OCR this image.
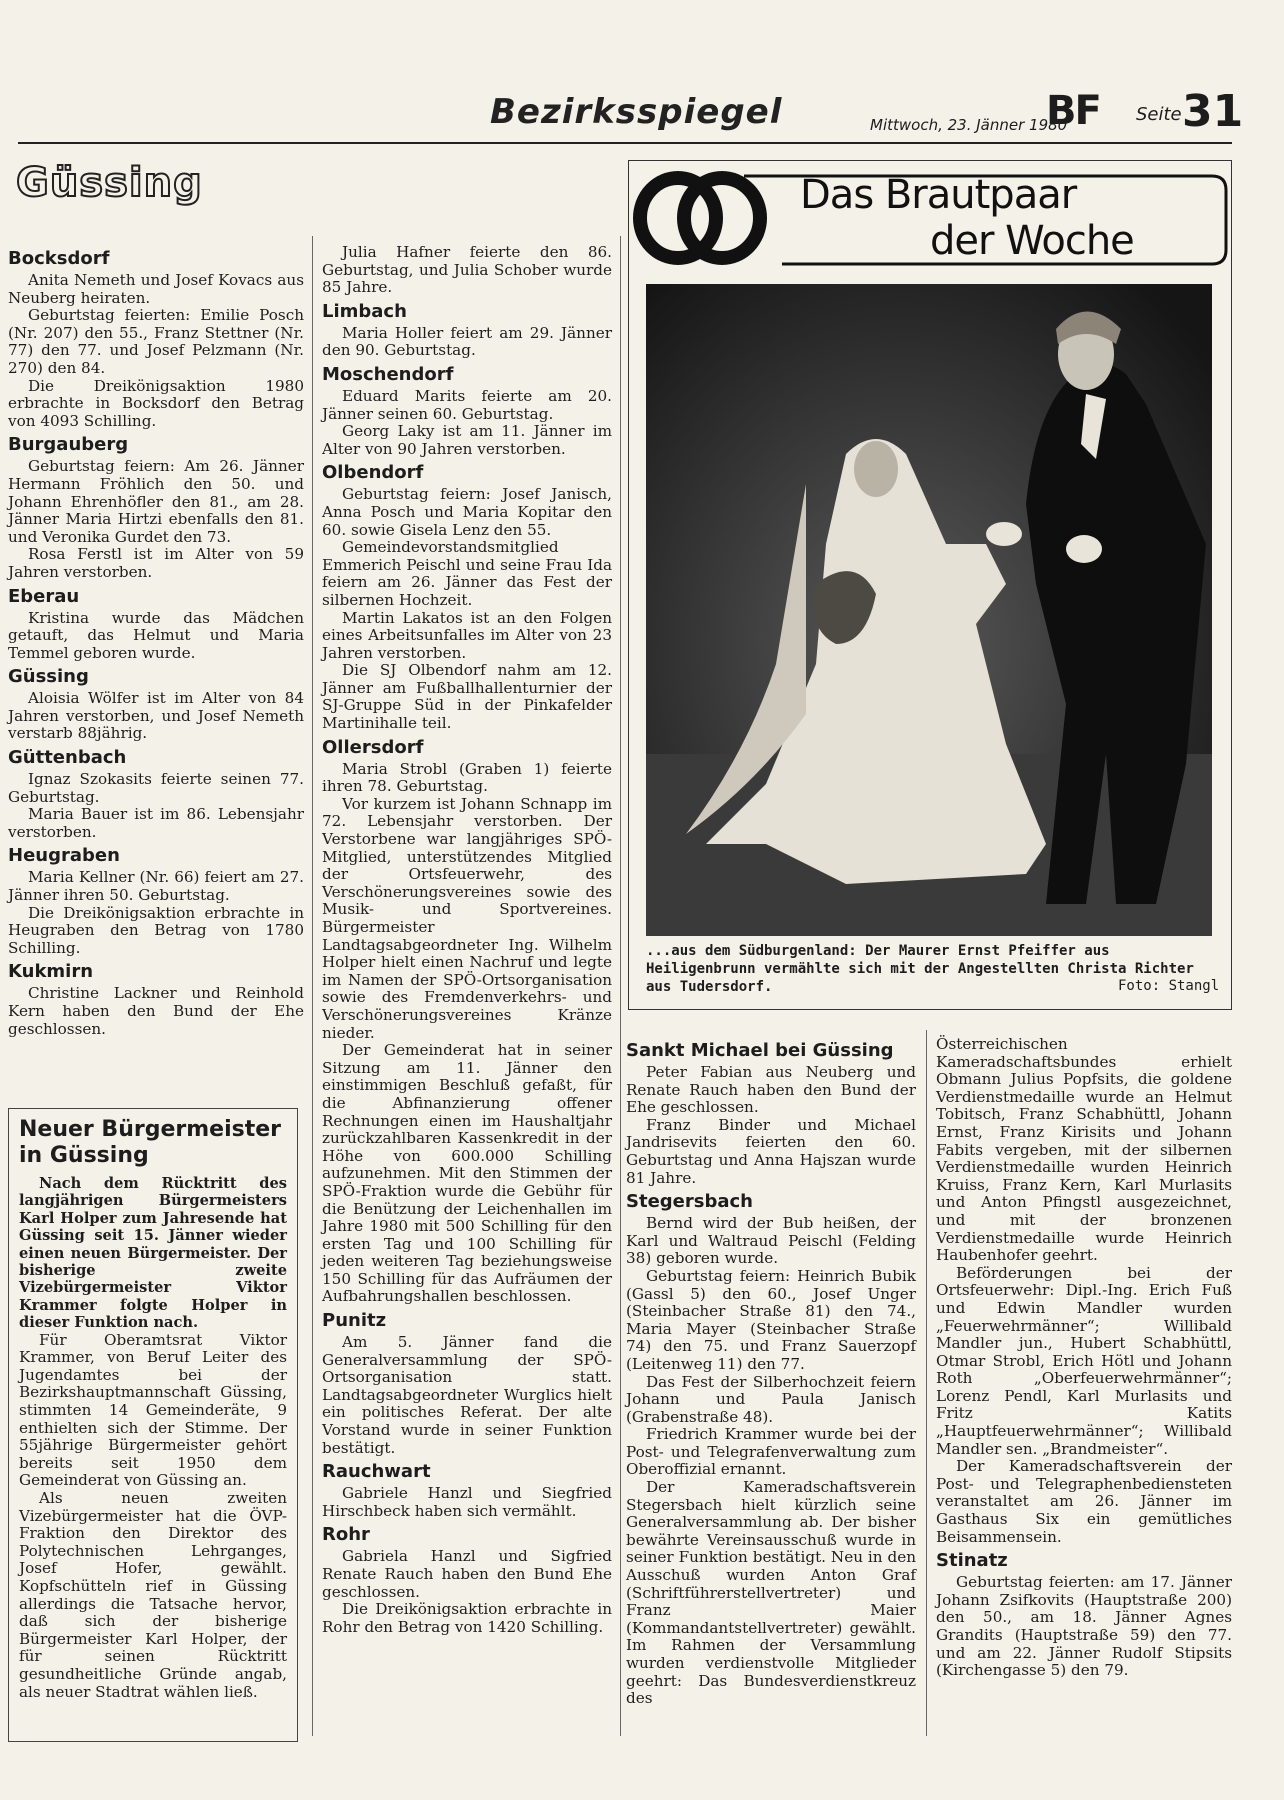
Bezirksspiegel	Mittwoch, 23. Jänner 1980
BF Seite 31
Güssing
Bocksdorf

Anita Nemeth und Josef Kovacs aus Neuberg heiraten.

Geburtstag feierten: Emilie Posch (Nr. 207) den 55., Franz Stettner (Nr. 77) den 77. und Josef Pelzmann (Nr. 270) den 84.

Die Dreikönigsaktion 1980 erbrachte in Bocksdorf den Betrag von 4093 Schilling.

Burgauberg

Geburtstag feiern: Am 26. Jänner Hermann Fröhlich den 50. und Johann Ehrenhöfler den 81., am 28. Jänner Maria Hirtzi ebenfalls den 81. und Veronika Gurdet den 73.

Rosa Ferstl ist im Alter von 59 Jahren verstorben.

Eberau

Kristina wurde das Mädchen getauft, das Helmut und Maria Temmel geboren wurde.

Güssing

Aloisia Wölfer ist im Alter von 84 Jahren verstorben, und Josef Nemeth verstarb 88jährig.

Güttenbach

Ignaz Szokasits feierte seinen 77. Geburtstag.

Maria Bauer ist im 86. Lebensjahr verstorben.

Heugraben

Maria Kellner (Nr. 66) feiert am 27. Jänner ihren 50. Geburtstag.

Die Dreikönigsaktion erbrachte in Heugraben den Betrag von 1780 Schilling.

Kukmirn

Christine Lackner und Reinhold Kern haben den Bund der Ehe geschlossen.

Neuer Bürgermeister in Güssing

Nach dem Rücktritt des langjährigen Bürgermeisters Karl Holper zum Jahresende hat Güssing seit 15. Jänner wieder einen neuen Bürgermeister. Der bisherige zweite Vizebürgermeister Viktor Krammer folgte Holper in dieser Funktion nach.

Für Oberamtsrat Viktor Krammer, von Beruf Leiter des Jugendamtes bei der Bezirkshauptmannschaft Güssing, stimmten 14 Gemeinderäte, 9 enthielten sich der Stimme. Der 55jährige Bürgermeister gehört bereits seit 1950 dem Gemeinderat von Güssing an.

Als neuen zweiten Vizebürgermeister hat die ÖVP-Fraktion den Direktor des Polytechnischen Lehrganges, Josef Hofer, gewählt. Kopfschütteln rief in Güssing allerdings die Tatsache hervor, daß sich der bisherige Bürgermeister Karl Holper, der für seinen Rücktritt gesundheitliche Gründe angab, als neuer Stadtrat wählen ließ.

Julia Hafner feierte den 86. Geburtstag, und Julia Schober wurde 85 Jahre.

Limbach

Maria Holler feiert am 29. Jänner den 90. Geburtstag.

Moschendorf

Eduard Marits feierte am 20. Jänner seinen 60. Geburtstag.

Georg Laky ist am 11. Jänner im Alter von 90 Jahren verstorben.

Olbendorf

Geburtstag feiern: Josef Janisch, Anna Posch und Maria Kopitar den 60. sowie Gisela Lenz den 55.

Gemeindevorstandsmitglied Emmerich Peischl und seine Frau Ida feiern am 26. Jänner das Fest der silbernen Hochzeit.

Martin Lakatos ist an den Folgen eines Arbeitsunfalles im Alter von 23 Jahren verstorben.

Die SJ Olbendorf nahm am 12. Jänner am Fußballhallenturnier der SJ-Gruppe Süd in der Pinkafelder Martinihalle teil.

Ollersdorf

Maria Strobl (Graben 1) feierte ihren 78. Geburtstag.

Vor kurzem ist Johann Schnapp im 72. Lebensjahr verstorben. Der Verstorbene war langjähriges SPÖ-Mitglied, unterstützendes Mitglied der Ortsfeuerwehr, des Verschönerungsvereines sowie des Musik- und Sportvereines. Bürgermeister Landtagsabgeordneter Ing. Wilhelm Holper hielt einen Nachruf und legte im Namen der SPÖ-Ortsorganisation sowie des Fremdenverkehrs- und Verschönerungsvereines Kränze nieder.

Der Gemeinderat hat in seiner Sitzung am 11. Jänner den einstimmigen Beschluß gefaßt, für die Abfinanzierung offener Rechnungen einen im Haushaltjahr zurückzahlbaren Kassenkredit in der Höhe von 600.000 Schilling aufzunehmen. Mit den Stimmen der SPÖ-Fraktion wurde die Gebühr für die Benützung der Leichenhallen im Jahre 1980 mit 500 Schilling für den ersten Tag und 100 Schilling für jeden weiteren Tag beziehungsweise 150 Schilling für das Aufräumen der Aufbahrungshallen beschlossen.

Punitz

Am 5. Jänner fand die Generalversammlung der SPÖ-Ortsorganisation statt. Landtagsabgeordneter Wurglics hielt ein politisches Referat. Der alte Vorstand wurde in seiner Funktion bestätigt.

Rauchwart

Gabriele Hanzl und Siegfried Hirschbeck haben sich vermählt.

Rohr

Gabriela Hanzl und Sigfried Renate Rauch haben den Bund Ehe geschlossen.

Die Dreikönigsaktion erbrachte in Rohr den Betrag von 1420 Schilling.

Das Brautpaar
der Woche
...aus dem Südburgenland: Der Maurer Ernst Pfeiffer aus Heiligenbrunn vermählte sich mit der Angestellten Christa Richter aus Tudersdorf.	Foto: Stangl
Sankt Michael bei Güssing

Peter Fabian aus Neuberg und Renate Rauch haben den Bund der Ehe geschlossen.

Franz Binder und Michael Jandrisevits feierten den 60. Geburtstag und Anna Hajszan wurde 81 Jahre.

Stegersbach

Bernd wird der Bub heißen, der Karl und Waltraud Peischl (Felding 38) geboren wurde.

Geburtstag feiern: Heinrich Bubik (Gassl 5) den 60., Josef Unger (Steinbacher Straße 81) den 74., Maria Mayer (Steinbacher Straße 74) den 75. und Franz Sauerzopf (Leitenweg 11) den 77.

Das Fest der Silberhochzeit feiern Johann und Paula Janisch (Grabenstraße 48).

Friedrich Krammer wurde bei der Post- und Telegrafenverwaltung zum Oberoffizial ernannt.

Der Kameradschaftsverein Stegersbach hielt kürzlich seine Generalversammlung ab. Der bisher bewährte Vereinsausschuß wurde in seiner Funktion bestätigt. Neu in den Ausschuß wurden Anton Graf (Schriftführerstellvertreter) und Franz Maier (Kommandantstellvertreter) gewählt. Im Rahmen der Versammlung wurden verdienstvolle Mitglieder geehrt: Das Bundesverdienstkreuz des

Österreichischen Kameradschaftsbundes erhielt Obmann Julius Popfsits, die goldene Verdienstmedaille wurde an Helmut Tobitsch, Franz Schabhüttl, Johann Ernst, Franz Kirisits und Johann Fabits vergeben, mit der silbernen Verdienstmedaille wurden Heinrich Kruiss, Franz Kern, Karl Murlasits und Anton Pfingstl ausgezeichnet, und mit der bronzenen Verdienstmedaille wurde Heinrich Haubenhofer geehrt.

Beförderungen bei der Ortsfeuerwehr: Dipl.-Ing. Erich Fuß und Edwin Mandler wurden „Feuerwehrmänner“; Willibald Mandler jun., Hubert Schabhüttl, Otmar Strobl, Erich Hötl und Johann Roth „Oberfeuerwehrmänner“; Lorenz Pendl, Karl Murlasits und Fritz Katits „Hauptfeuerwehrmänner“; Willibald Mandler sen. „Brandmeister“.

Der Kameradschaftsverein der Post- und Telegraphenbediensteten veranstaltet am 26. Jänner im Gasthaus Six ein gemütliches Beisammensein.

Stinatz

Geburtstag feierten: am 17. Jänner Johann Zsifkovits (Hauptstraße 200) den 50., am 18. Jänner Agnes Grandits (Hauptstraße 59) den 77. und am 22. Jänner Rudolf Stipsits (Kirchengasse 5) den 79.
